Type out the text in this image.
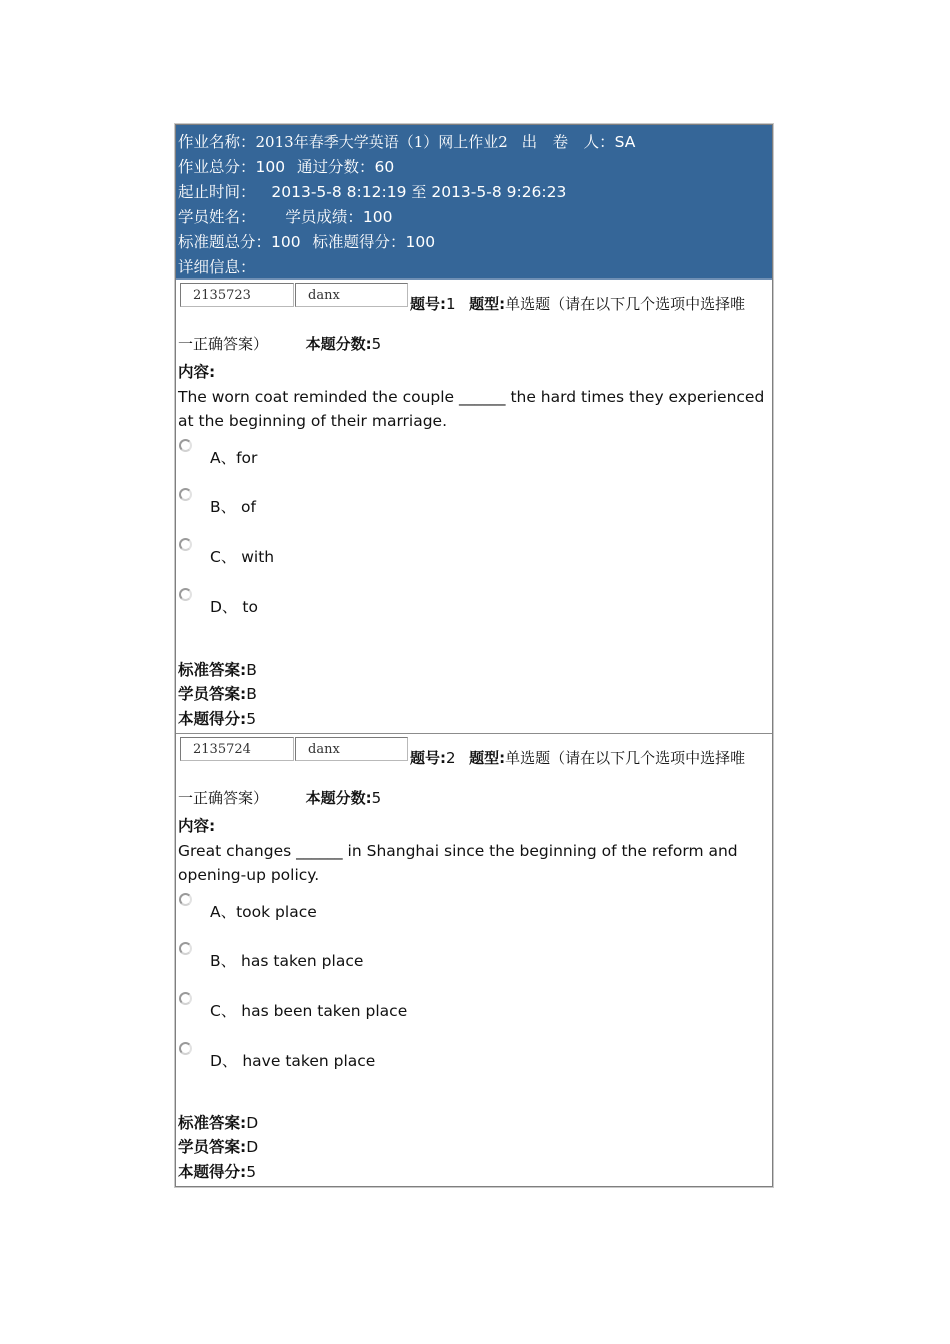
作业名称：2013年春季大学英语（1）网上作业2 出　卷　人：SA
作业总分：100 通过分数：60
起止时间： 2013-5-8 8:12:19 至 2013-5-8 9:26:23
学员姓名： 学员成绩：100
标准题总分：100 标准题得分：100
详细信息：
2135723
danx
题号:1 题型:单选题（请在以下几个选项中选择唯
一正确答案）	本题分数:5
内容:
The worn coat reminded the couple ______ the hard times they experienced at the beginning of their marriage.
A、for
B、 of
C、 with
D、 to
标准答案:B
学员答案:B
本题得分:5
2135724
danx
题号:2 题型:单选题（请在以下几个选项中选择唯
一正确答案）	本题分数:5
内容:
Great changes ______ in Shanghai since the beginning of the reform and opening-up policy.
A、took place
B、 has taken place
C、 has been taken place
D、 have taken place
标准答案:D
学员答案:D
本题得分:5
